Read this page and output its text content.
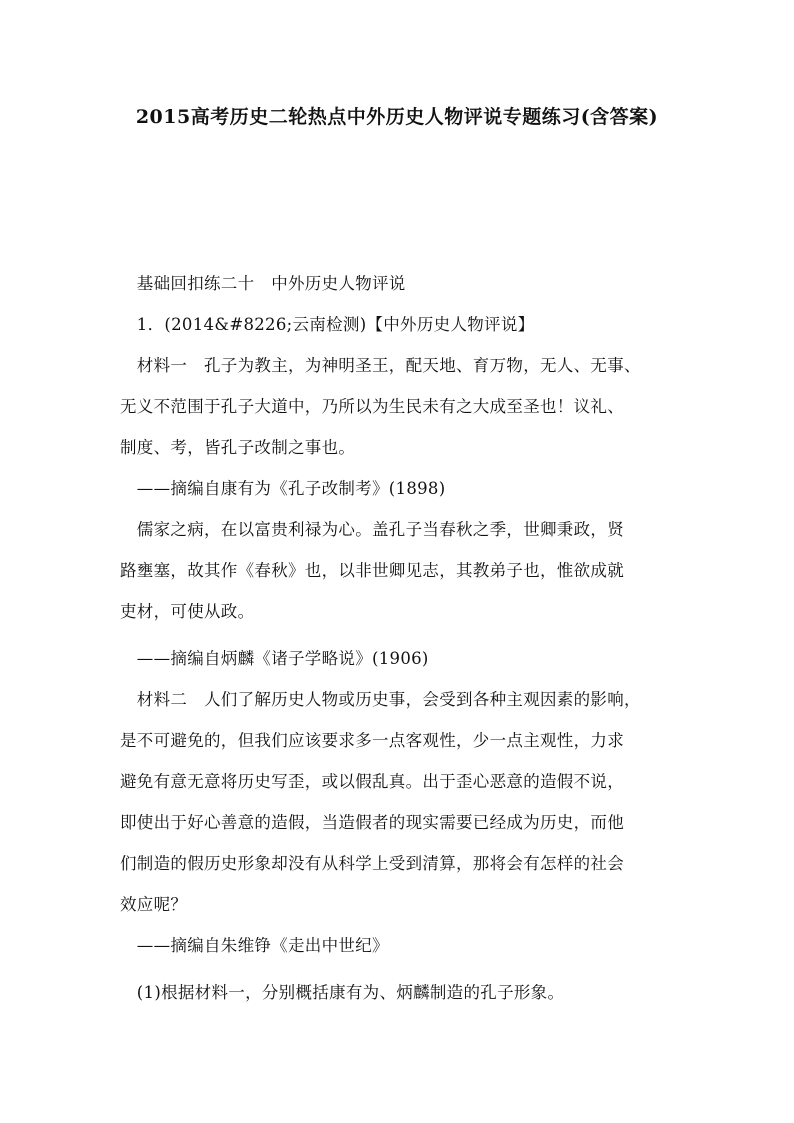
2015高考历史二轮热点中外历史人物评说专题练习(含答案)

　基础回扣练二十　中外历史人物评说

　1．(2014&#8226;云南检测)【中外历史人物评说】

　材料一　孔子为教主，为神明圣王，配天地、育万物，无人、无事、

无义不范围于孔子大道中，乃所以为生民未有之大成至圣也！议礼、

制度、考，皆孔子改制之事也。

　——摘编自康有为《孔子改制考》(1898)

　儒家之病，在以富贵利禄为心。盖孔子当春秋之季，世卿秉政，贤

路壅塞，故其作《春秋》也，以非世卿见志，其教弟子也，惟欲成就

吏材，可使从政。

　——摘编自炳麟《诸子学略说》(1906)

　材料二　人们了解历史人物或历史事，会受到各种主观因素的影响，

是不可避免的，但我们应该要求多一点客观性，少一点主观性，力求

避免有意无意将历史写歪，或以假乱真。出于歪心恶意的造假不说，

即使出于好心善意的造假，当造假者的现实需要已经成为历史，而他

们制造的假历史形象却没有从科学上受到清算，那将会有怎样的社会

效应呢？

　——摘编自朱维铮《走出中世纪》

　(1)根据材料一，分别概括康有为、炳麟制造的孔子形象。
